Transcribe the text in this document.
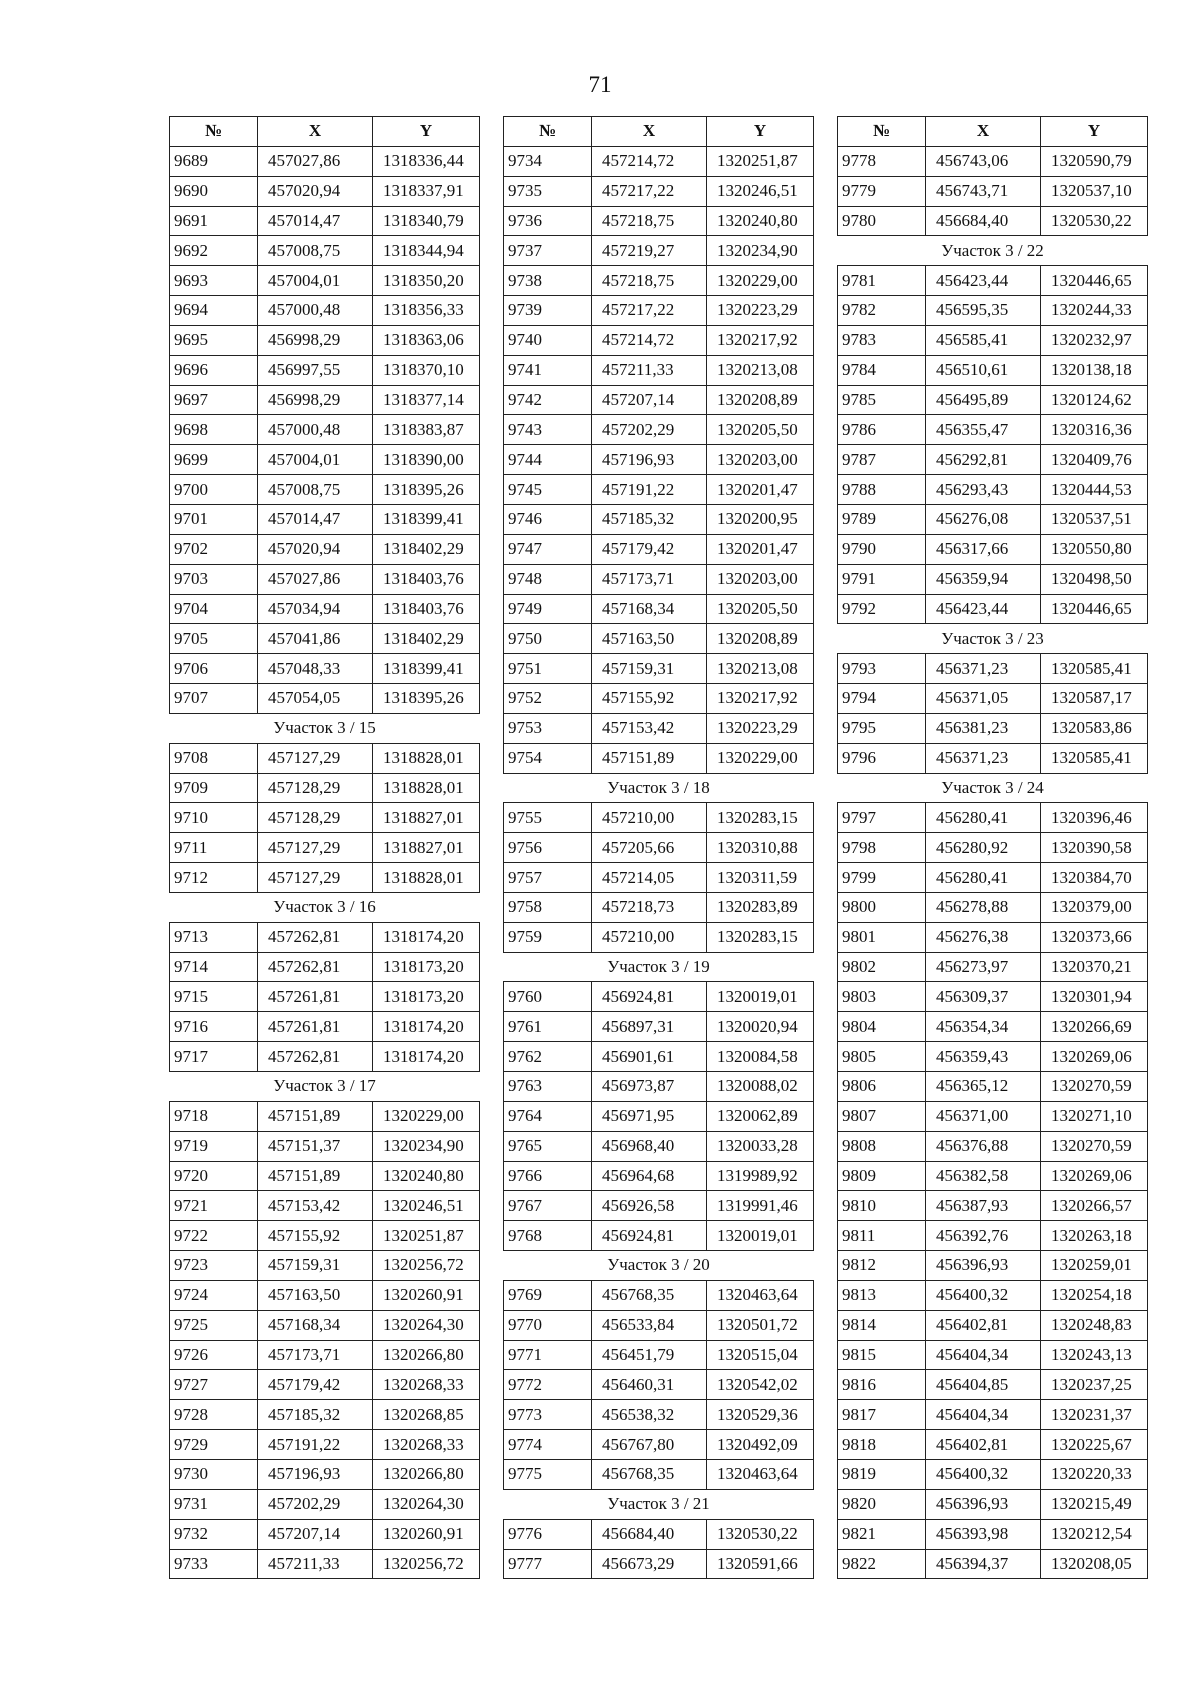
71
№	X	Y
9689	457027,86	1318336,44
9690	457020,94	1318337,91
9691	457014,47	1318340,79
9692	457008,75	1318344,94
9693	457004,01	1318350,20
9694	457000,48	1318356,33
9695	456998,29	1318363,06
9696	456997,55	1318370,10
9697	456998,29	1318377,14
9698	457000,48	1318383,87
9699	457004,01	1318390,00
9700	457008,75	1318395,26
9701	457014,47	1318399,41
9702	457020,94	1318402,29
9703	457027,86	1318403,76
9704	457034,94	1318403,76
9705	457041,86	1318402,29
9706	457048,33	1318399,41
9707	457054,05	1318395,26
Участок 3 / 15		
9708	457127,29	1318828,01
9709	457128,29	1318828,01
9710	457128,29	1318827,01
9711	457127,29	1318827,01
9712	457127,29	1318828,01
Участок 3 / 16		
9713	457262,81	1318174,20
9714	457262,81	1318173,20
9715	457261,81	1318173,20
9716	457261,81	1318174,20
9717	457262,81	1318174,20
Участок 3 / 17		
9718	457151,89	1320229,00
9719	457151,37	1320234,90
9720	457151,89	1320240,80
9721	457153,42	1320246,51
9722	457155,92	1320251,87
9723	457159,31	1320256,72
9724	457163,50	1320260,91
9725	457168,34	1320264,30
9726	457173,71	1320266,80
9727	457179,42	1320268,33
9728	457185,32	1320268,85
9729	457191,22	1320268,33
9730	457196,93	1320266,80
9731	457202,29	1320264,30
9732	457207,14	1320260,91
9733	457211,33	1320256,72
№	X	Y
9734	457214,72	1320251,87
9735	457217,22	1320246,51
9736	457218,75	1320240,80
9737	457219,27	1320234,90
9738	457218,75	1320229,00
9739	457217,22	1320223,29
9740	457214,72	1320217,92
9741	457211,33	1320213,08
9742	457207,14	1320208,89
9743	457202,29	1320205,50
9744	457196,93	1320203,00
9745	457191,22	1320201,47
9746	457185,32	1320200,95
9747	457179,42	1320201,47
9748	457173,71	1320203,00
9749	457168,34	1320205,50
9750	457163,50	1320208,89
9751	457159,31	1320213,08
9752	457155,92	1320217,92
9753	457153,42	1320223,29
9754	457151,89	1320229,00
Участок 3 / 18		
9755	457210,00	1320283,15
9756	457205,66	1320310,88
9757	457214,05	1320311,59
9758	457218,73	1320283,89
9759	457210,00	1320283,15
Участок 3 / 19		
9760	456924,81	1320019,01
9761	456897,31	1320020,94
9762	456901,61	1320084,58
9763	456973,87	1320088,02
9764	456971,95	1320062,89
9765	456968,40	1320033,28
9766	456964,68	1319989,92
9767	456926,58	1319991,46
9768	456924,81	1320019,01
Участок 3 / 20		
9769	456768,35	1320463,64
9770	456533,84	1320501,72
9771	456451,79	1320515,04
9772	456460,31	1320542,02
9773	456538,32	1320529,36
9774	456767,80	1320492,09
9775	456768,35	1320463,64
Участок 3 / 21		
9776	456684,40	1320530,22
9777	456673,29	1320591,66
№	X	Y
9778	456743,06	1320590,79
9779	456743,71	1320537,10
9780	456684,40	1320530,22
Участок 3 / 22		
9781	456423,44	1320446,65
9782	456595,35	1320244,33
9783	456585,41	1320232,97
9784	456510,61	1320138,18
9785	456495,89	1320124,62
9786	456355,47	1320316,36
9787	456292,81	1320409,76
9788	456293,43	1320444,53
9789	456276,08	1320537,51
9790	456317,66	1320550,80
9791	456359,94	1320498,50
9792	456423,44	1320446,65
Участок 3 / 23		
9793	456371,23	1320585,41
9794	456371,05	1320587,17
9795	456381,23	1320583,86
9796	456371,23	1320585,41
Участок 3 / 24		
9797	456280,41	1320396,46
9798	456280,92	1320390,58
9799	456280,41	1320384,70
9800	456278,88	1320379,00
9801	456276,38	1320373,66
9802	456273,97	1320370,21
9803	456309,37	1320301,94
9804	456354,34	1320266,69
9805	456359,43	1320269,06
9806	456365,12	1320270,59
9807	456371,00	1320271,10
9808	456376,88	1320270,59
9809	456382,58	1320269,06
9810	456387,93	1320266,57
9811	456392,76	1320263,18
9812	456396,93	1320259,01
9813	456400,32	1320254,18
9814	456402,81	1320248,83
9815	456404,34	1320243,13
9816	456404,85	1320237,25
9817	456404,34	1320231,37
9818	456402,81	1320225,67
9819	456400,32	1320220,33
9820	456396,93	1320215,49
9821	456393,98	1320212,54
9822	456394,37	1320208,05
